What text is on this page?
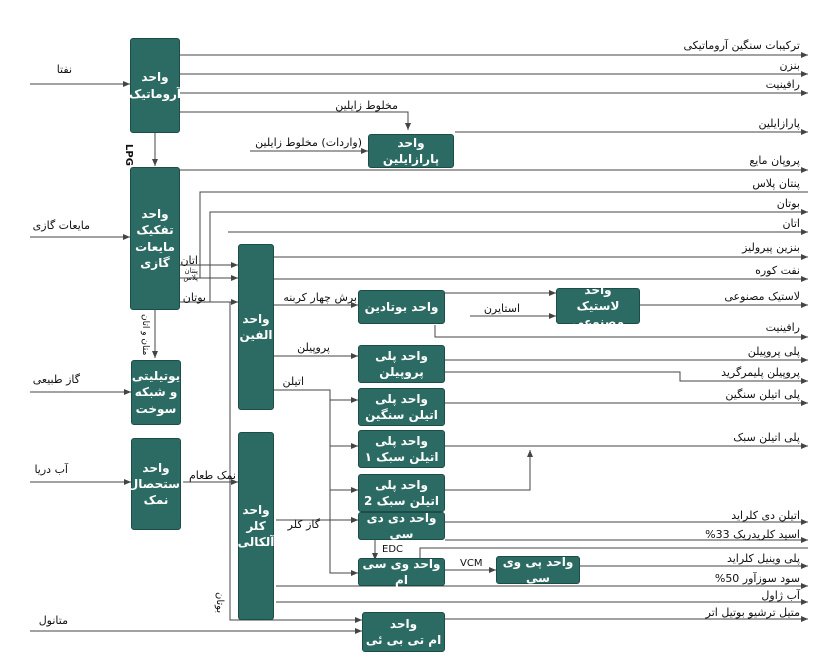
واحد
آروماتیک
واحد
تفکیک
مایعات
گازی
یوتیلیتی
و شبکه
سوخت
واحد
استحصال
نمک
واحد
الفین
واحد
کلر
آلکالی
واحد پارازایلین
واحد بوتادین
واحد
لاستیک مصنوعی
واحد پلی
پروپیلن
واحد پلی
اتیلن سنگین
واحد پلی
اتیلن سبک ۱
واحد پلی
اتیلن سبک 2
واحد دی دی سی
واحد وی سی ام
واحد پی وی سی
واحد
ام تی بی ئی
نفتا
مایعات گازی
گاز طبیعی
آب دریا
متانول
ترکیبات سنگین آروماتیکی
بنزن
رافینیت
پارازایلین
پروپان مایع
پنتان پلاس
بوتان
اتان
بنزین پیرولیز
نفت کوره
لاستیک مصنوعی
رافینیت
پلی پروپیلن
پروپیلن پلیمرگرید
پلی اتیلن سنگین
پلی اتیلن سبک
اتیلن دی کلراید
اسید کلریدریک 33%
پلی وینیل کلراید
سود سوزآور 50%
آب ژاول
متیل ترشیو بوتیل اتر
مخلوط زایلین
(واردات) مخلوط زایلین
LPG
اتان
پنتان
پلاس
بوتان
متان و اتان
برش چهار کربنه
استایرن
پروپیلن
اتیلن
نمک طعام
گاز کلر
EDC
VCM
بوتان
